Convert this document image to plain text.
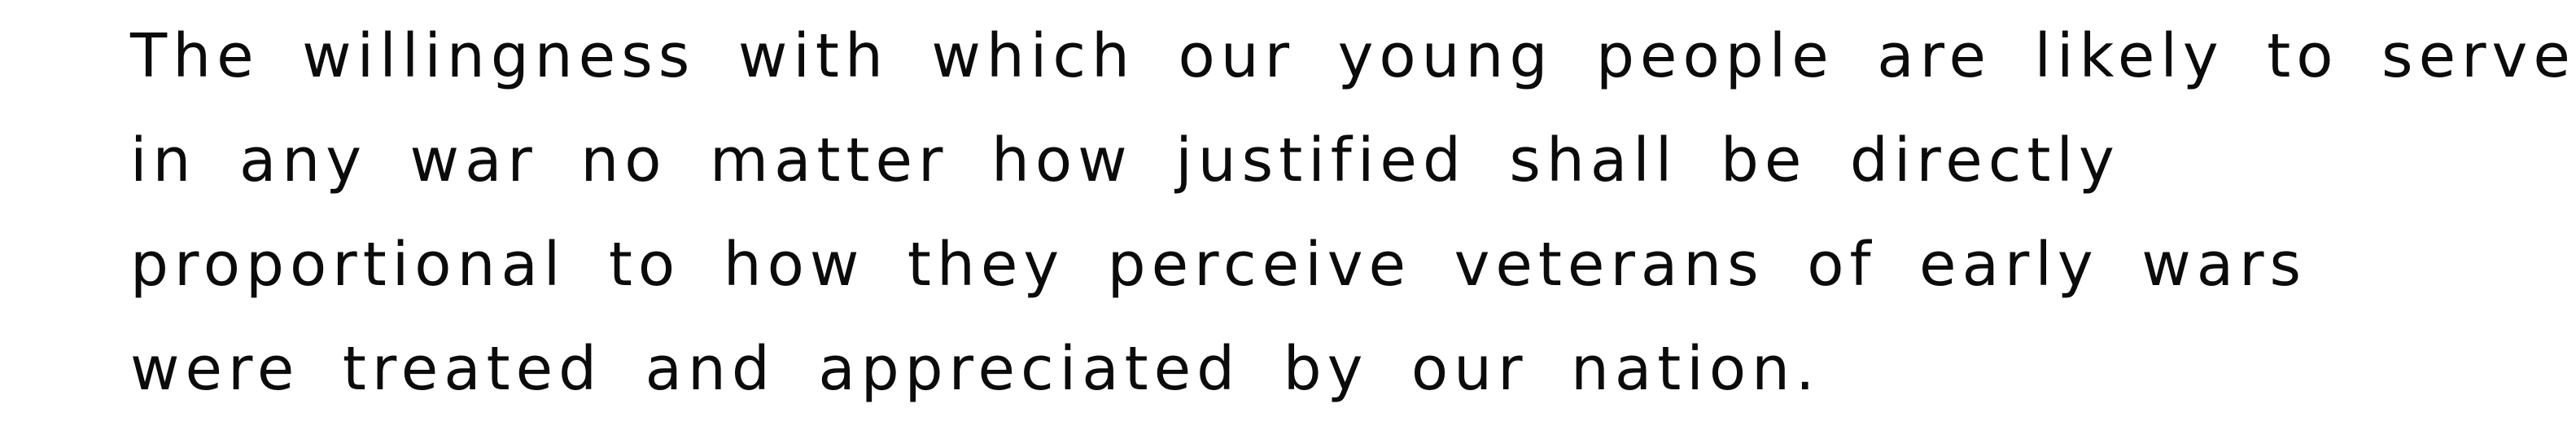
The willingness with which our young people are likely to serve

in any war no matter how justified shall be directly

proportional to how they perceive veterans of early wars

were treated and appreciated by our nation.
